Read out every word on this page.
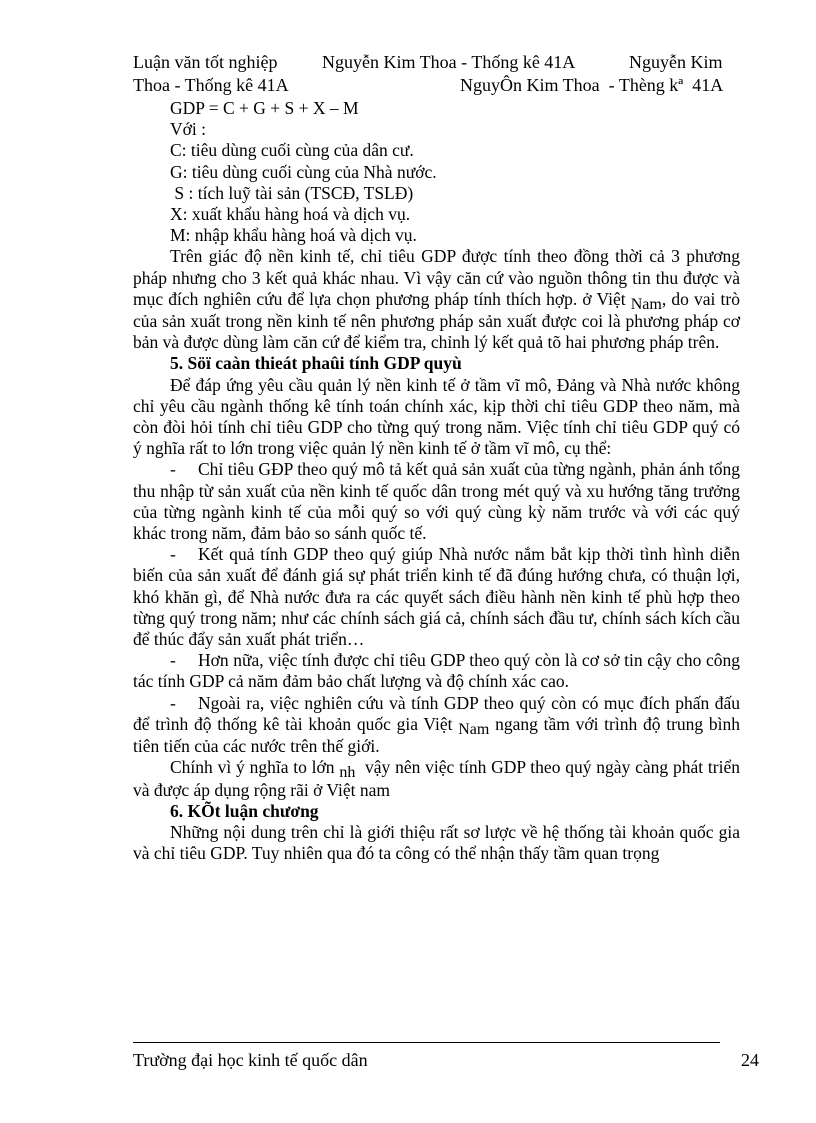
Luận văn tốt nghiệp Nguyễn Kim Thoa - Thống kê 41A	Nguyễn Kim
Thoa - Thống kê 41A	NguyÔn Kim Thoa  - Thèng kª  41A

GDP = C + G + S + X – M

Với :

C: tiêu dùng cuối cùng của dân cư.

G: tiêu dùng cuối cùng của Nhà nước.

S : tích luỹ tài sản (TSCĐ, TSLĐ)

X: xuất khẩu hàng hoá và dịch vụ.

M: nhập khẩu hàng hoá và dịch vụ.

Trên giác độ nền kinh tế, chỉ tiêu GDP được tính theo đồng thời cả 3 phương pháp nhưng cho 3 kết quả khác nhau. Vì vậy căn cứ vào nguồn thông tin thu được và mục đích nghiên cứu để lựa chọn phương pháp tính thích hợp. ở Việt Nam, do vai trò của sản xuất trong nền kinh tế nên phương pháp sản xuất được coi là phương pháp cơ bản và được dùng làm căn cứ để kiểm tra, chỉnh lý kết quả tõ hai phương pháp trên.

5. Söï caàn thieát phaûi tính GDP quyù

Để đáp ứng yêu cầu quản lý nền kinh tế ở tầm vĩ mô, Đảng và Nhà nước không chỉ yêu cầu ngành thống kê tính toán chính xác, kịp thời chỉ tiêu GDP theo năm, mà còn đòi hỏi tính chỉ tiêu GDP cho từng quý trong năm. Việc tính chỉ tiêu GDP quý có ý nghĩa rất to lớn trong việc quản lý nền kinh tế ở tầm vĩ mô, cụ thể:

- Chỉ tiêu GĐP theo quý mô tả kết quả sản xuất của từng ngành, phản ánh tổng thu nhập từ sản xuất của nền kinh tế quốc dân trong mét quý và xu hướng tăng trưởng của từng ngành kinh tế của mỗi quý so với quý cùng kỳ năm trước và với các quý khác trong năm, đảm bảo so sánh quốc tế.

- Kết quả tính GDP theo quý giúp Nhà nước nắm bắt kịp thời tình hình diễn biến của sản xuất để đánh giá sự phát triển kinh tế đã đúng hướng chưa, có thuận lợi, khó khăn gì, để Nhà nước đưa ra các quyết sách điều hành nền kinh tế phù hợp theo từng quý trong năm; như các chính sách giá cả, chính sách đầu tư, chính sách kích cầu để thúc đẩy sản xuất phát triển…

- Hơn nữa, việc tính được chỉ tiêu GDP theo quý còn là cơ sở tin cậy cho công tác tính GDP cả năm đảm bảo chất lượng và độ chính xác cao.

- Ngoài ra, việc nghiên cứu và tính GDP theo quý còn có mục đích phấn đấu để trình độ thống kê tài khoản quốc gia Việt Nam ngang tầm với trình độ trung bình tiên tiến của các nước trên thế giới.

Chính vì ý nghĩa to lớn nh  vậy nên việc tính GDP theo quý ngày càng phát triển và được áp dụng rộng rãi ở Việt nam

6. KÕt luận chương

Những nội dung trên chỉ là giới thiệu rất sơ lược về hệ thống tài khoản quốc gia và chỉ tiêu GDP. Tuy nhiên qua đó ta công có thể nhận thấy tầm quan trọng

Trường đại học kinh tế quốc dân	24
